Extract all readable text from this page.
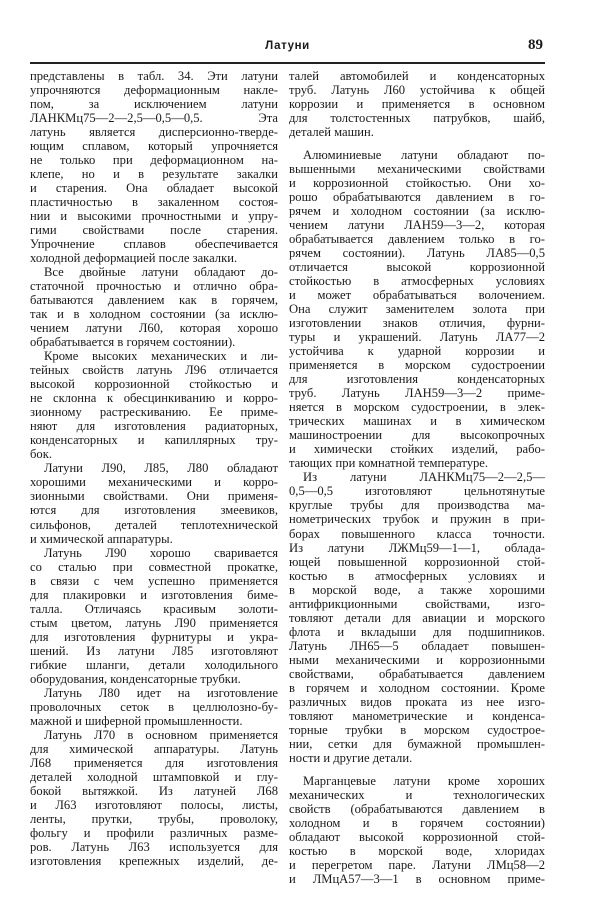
Латуни	89
представлены в табл. 34. Эти латуни
упрочняются деформационным накле-
пом, за исключением латуни
ЛАНКМц75—2—2,5—0,5—0,5. Эта
латунь является дисперсионно-тверде-
ющим сплавом, который упрочняется
не только при деформационном на-
клепе, но и в результате закалки
и старения. Она обладает высокой
пластичностью в закаленном состоя-
нии и высокими прочностными и упру-
гими свойствами после старения.
Упрочнение сплавов обеспечивается
холодной деформацией после закалки.
Все двойные латуни обладают до-
статочной прочностью и отлично обра-
батываются давлением как в горячем,
так и в холодном состоянии (за исклю-
чением латуни Л60, которая хорошо
обрабатывается в горячем состоянии).
Кроме высоких механических и ли-
тейных свойств латунь Л96 отличается
высокой коррозионной стойкостью и
не склонна к обесцинкиванию и корро-
зионному растрескиванию. Ее приме-
няют для изготовления радиаторных,
конденсаторных и капиллярных тру-
бок.
Латуни Л90, Л85, Л80 обладают
хорошими механическими и корро-
зионными свойствами. Они применя-
ются для изготовления змеевиков,
сильфонов, деталей теплотехнической
и химической аппаратуры.
Латунь Л90 хорошо сваривается
со сталью при совместной прокатке,
в связи с чем успешно применяется
для плакировки и изготовления биме-
талла. Отличаясь красивым золоти-
стым цветом, латунь Л90 применяется
для изготовления фурнитуры и укра-
шений. Из латуни Л85 изготовляют
гибкие шланги, детали холодильного
оборудования, конденсаторные трубки.
Латунь Л80 идет на изготовление
проволочных сеток в целлюлозно-бу-
мажной и шиферной промышленности.
Латунь Л70 в основном применяется
для химической аппаратуры. Латунь
Л68 применяется для изготовления
деталей холодной штамповкой и глу-
бокой вытяжкой. Из латуней Л68
и Л63 изготовляют полосы, листы,
ленты, прутки, трубы, проволоку,
фольгу и профили различных разме-
ров. Латунь Л63 используется для
изготовления крепежных изделий, де-
талей автомобилей и конденсаторных
труб. Латунь Л60 устойчива к общей
коррозии и применяется в основном
для толстостенных патрубков, шайб,
деталей машин.
Алюминиевые латуни обладают по-
вышенными механическими свойствами
и коррозионной стойкостью. Они хо-
рошо обрабатываются давлением в го-
рячем и холодном состоянии (за исклю-
чением латуни ЛАН59—3—2, которая
обрабатывается давлением только в го-
рячем состоянии). Латунь ЛА85—0,5
отличается высокой коррозионной
стойкостью в атмосферных условиях
и может обрабатываться волочением.
Она служит заменителем золота при
изготовлении знаков отличия, фурни-
туры и украшений. Латунь ЛА77—2
устойчива к ударной коррозии и
применяется в морском судостроении
для изготовления конденсаторных
труб. Латунь ЛАН59—3—2 приме-
няется в морском судостроении, в элек-
трических машинах и в химическом
машиностроении для высокопрочных
и химически стойких изделий, рабо-
тающих при комнатной температуре.
Из латуни ЛАНКМц75—2—2,5—
0,5—0,5 изготовляют цельнотянутые
круглые трубы для производства ма-
нометрических трубок и пружин в при-
борах повышенного класса точности.
Из латуни ЛЖМц59—1—1, облада-
ющей повышенной коррозионной стой-
костью в атмосферных условиях и
в морской воде, а также хорошими
антифрикционными свойствами, изго-
товляют детали для авиации и морского
флота и вкладыши для подшипников.
Латунь ЛН65—5 обладает повышен-
ными механическими и коррозионными
свойствами, обрабатывается давлением
в горячем и холодном состоянии. Кроме
различных видов проката из нее изго-
товляют манометрические и конденса-
торные трубки в морском судострое-
нии, сетки для бумажной промышлен-
ности и другие детали.
Марганцевые латуни кроме хороших
механических и технологических
свойств (обрабатываются давлением в
холодном и в горячем состоянии)
обладают высокой коррозионной стой-
костью в морской воде, хлоридах
и перегретом паре. Латуни ЛМц58—2
и ЛМцА57—3—1 в основном приме-
